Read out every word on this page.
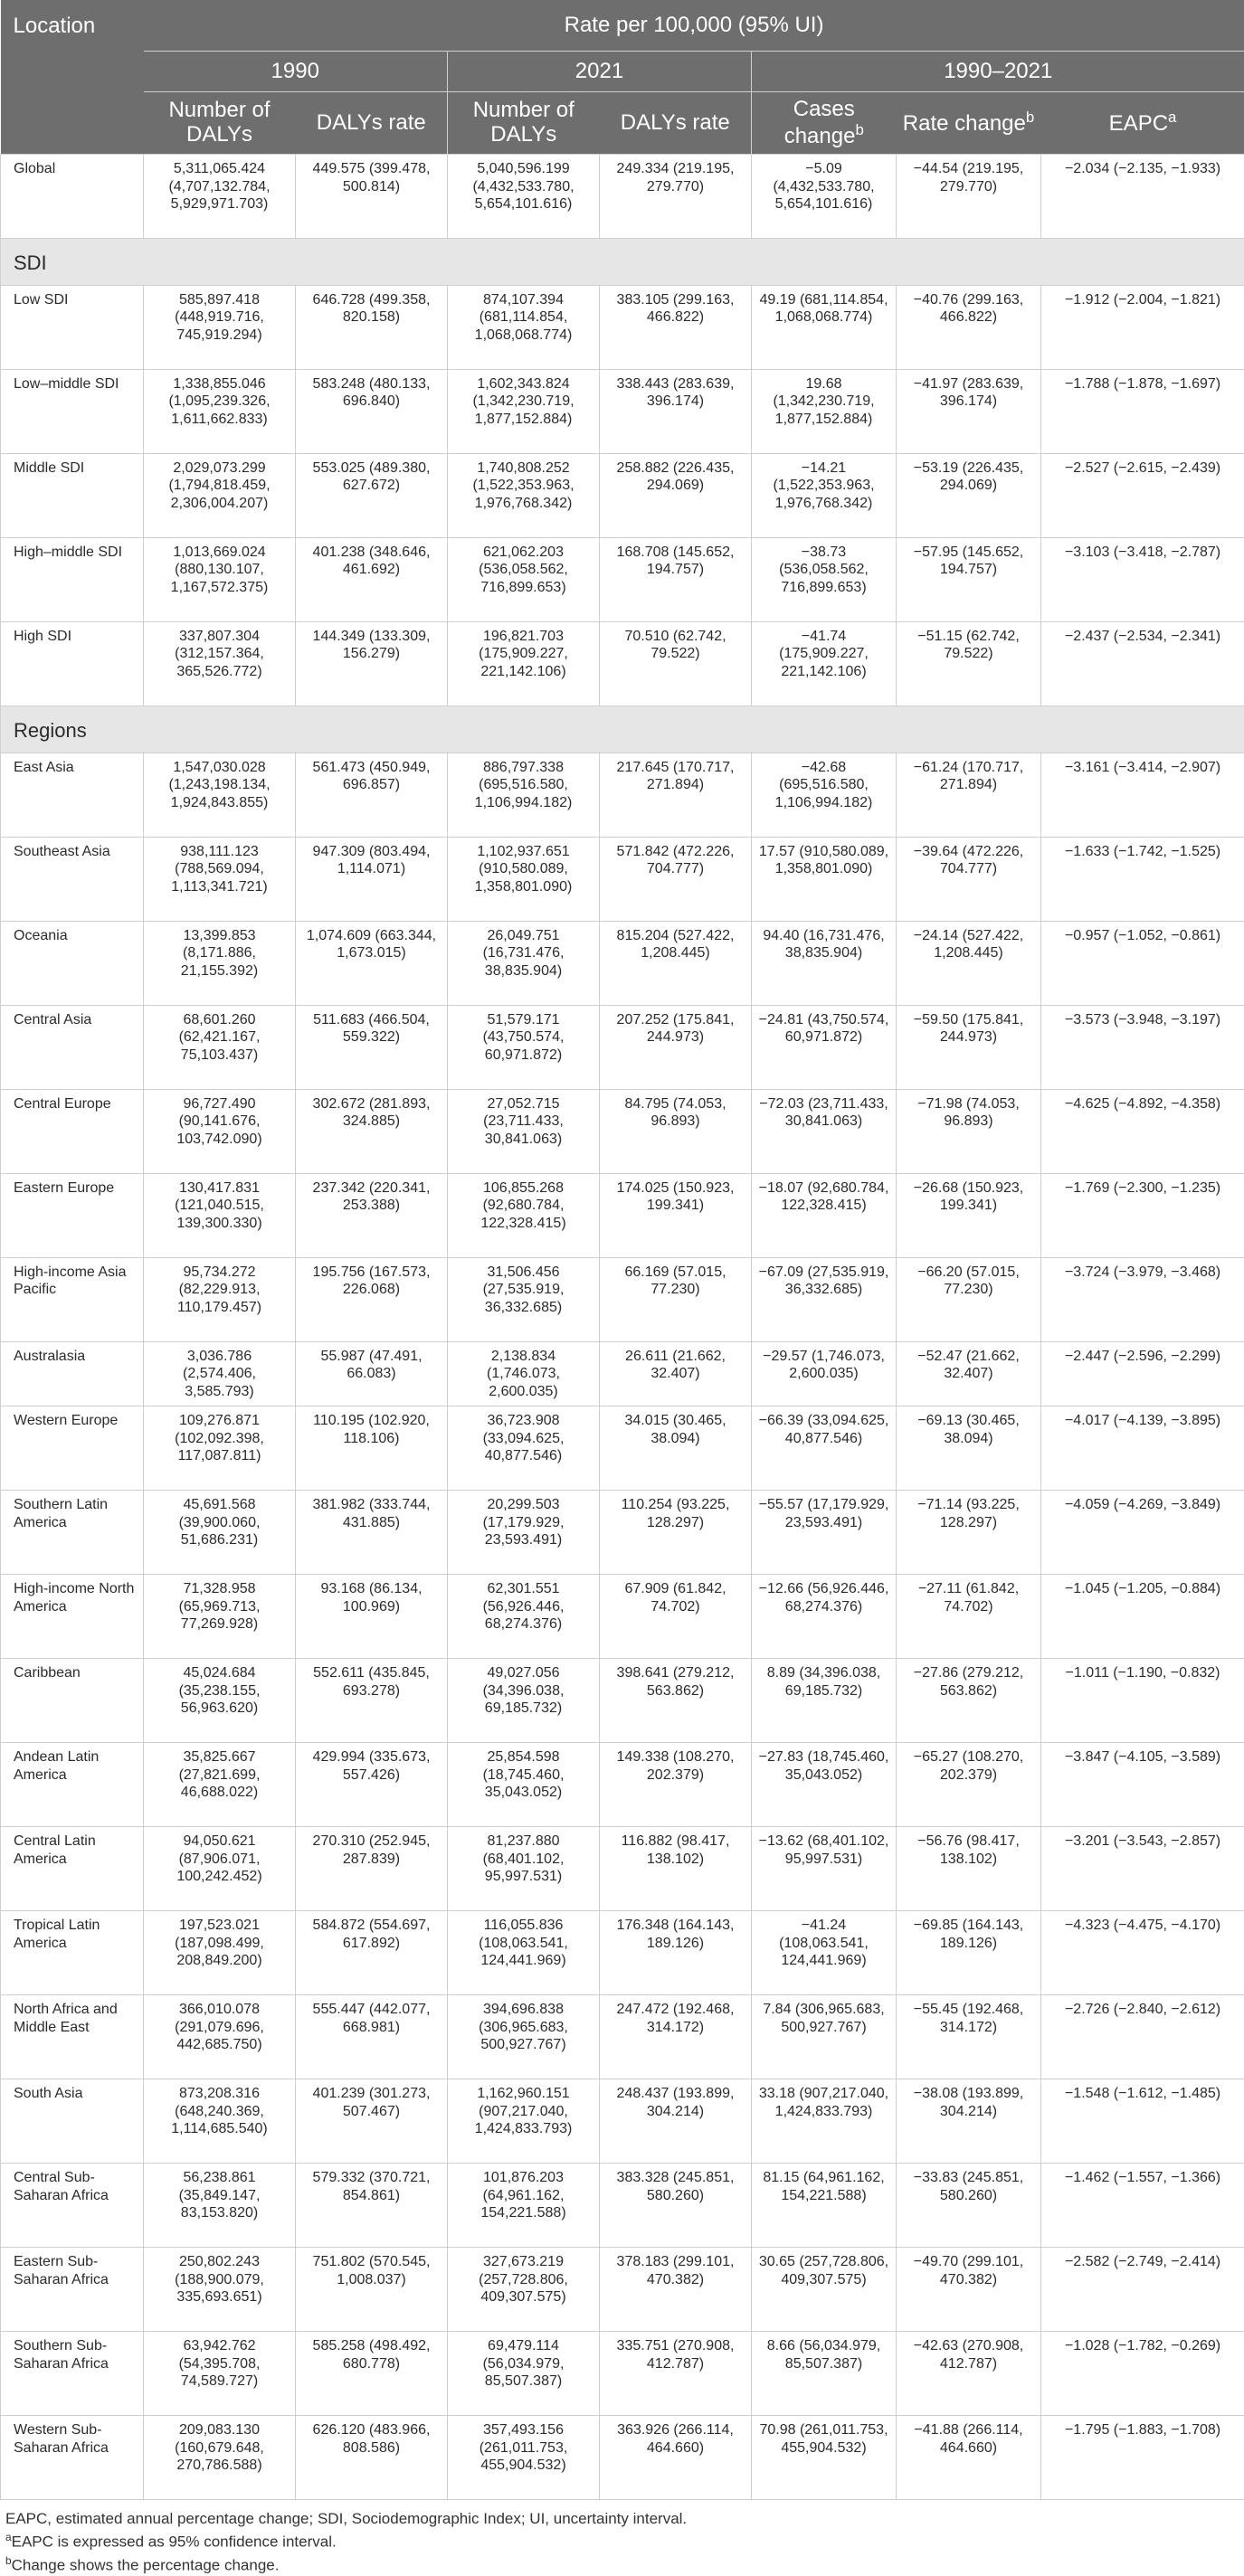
Location	Rate per 100,000 (95% UI)						
	1990		2021		1990–2021		
	Number of DALYs	DALYs rate	Number of DALYs	DALYs rate	Cases change$^b$	Rate change$^b$	EAPC$^a$
Global	5,311,065.424 (4,707,132.784, 5,929,971.703)	449.575 (399.478, 500.814)	5,040,596.199 (4,432,533.780, 5,654,101.616)	249.334 (219.195, 279.770)	−5.09 (4,432,533.780, 5,654,101.616)	−44.54 (219.195, 279.770)	−2.034 (−2.135, −1.933)
SDI							
Low SDI	585,897.418 (448,919.716, 745,919.294)	646.728 (499.358, 820.158)	874,107.394 (681,114.854, 1,068,068.774)	383.105 (299.163, 466.822)	49.19 (681,114.854, 1,068,068.774)	−40.76 (299.163, 466.822)	−1.912 (−2.004, −1.821)
Low–middle SDI	1,338,855.046 (1,095,239.326, 1,611,662.833)	583.248 (480.133, 696.840)	1,602,343.824 (1,342,230.719, 1,877,152.884)	338.443 (283.639, 396.174)	19.68 (1,342,230.719, 1,877,152.884)	−41.97 (283.639, 396.174)	−1.788 (−1.878, −1.697)
Middle SDI	2,029,073.299 (1,794,818.459, 2,306,004.207)	553.025 (489.380, 627.672)	1,740,808.252 (1,522,353.963, 1,976,768.342)	258.882 (226.435, 294.069)	−14.21 (1,522,353.963, 1,976,768.342)	−53.19 (226.435, 294.069)	−2.527 (−2.615, −2.439)
High–middle SDI	1,013,669.024 (880,130.107, 1,167,572.375)	401.238 (348.646, 461.692)	621,062.203 (536,058.562, 716,899.653)	168.708 (145.652, 194.757)	−38.73 (536,058.562, 716,899.653)	−57.95 (145.652, 194.757)	−3.103 (−3.418, −2.787)
High SDI	337,807.304 (312,157.364, 365,526.772)	144.349 (133.309, 156.279)	196,821.703 (175,909.227, 221,142.106)	70.510 (62.742, 79.522)	−41.74 (175,909.227, 221,142.106)	−51.15 (62.742, 79.522)	−2.437 (−2.534, −2.341)
Regions							
East Asia	1,547,030.028 (1,243,198.134, 1,924,843.855)	561.473 (450.949, 696.857)	886,797.338 (695,516.580, 1,106,994.182)	217.645 (170.717, 271.894)	−42.68 (695,516.580, 1,106,994.182)	−61.24 (170.717, 271.894)	−3.161 (−3.414, −2.907)
Southeast Asia	938,111.123 (788,569.094, 1,113,341.721)	947.309 (803.494, 1,114.071)	1,102,937.651 (910,580.089, 1,358,801.090)	571.842 (472.226, 704.777)	17.57 (910,580.089, 1,358,801.090)	−39.64 (472.226, 704.777)	−1.633 (−1.742, −1.525)
Oceania	13,399.853 (8,171.886, 21,155.392)	1,074.609 (663.344, 1,673.015)	26,049.751 (16,731.476, 38,835.904)	815.204 (527.422, 1,208.445)	94.40 (16,731.476, 38,835.904)	−24.14 (527.422, 1,208.445)	−0.957 (−1.052, −0.861)
Central Asia	68,601.260 (62,421.167, 75,103.437)	511.683 (466.504, 559.322)	51,579.171 (43,750.574, 60,971.872)	207.252 (175.841, 244.973)	−24.81 (43,750.574, 60,971.872)	−59.50 (175.841, 244.973)	−3.573 (−3.948, −3.197)
Central Europe	96,727.490 (90,141.676, 103,742.090)	302.672 (281.893, 324.885)	27,052.715 (23,711.433, 30,841.063)	84.795 (74.053, 96.893)	−72.03 (23,711.433, 30,841.063)	−71.98 (74.053, 96.893)	−4.625 (−4.892, −4.358)
Eastern Europe	130,417.831 (121,040.515, 139,300.330)	237.342 (220.341, 253.388)	106,855.268 (92,680.784, 122,328.415)	174.025 (150.923, 199.341)	−18.07 (92,680.784, 122,328.415)	−26.68 (150.923, 199.341)	−1.769 (−2.300, −1.235)
High-income Asia Pacific	95,734.272 (82,229.913, 110,179.457)	195.756 (167.573, 226.068)	31,506.456 (27,535.919, 36,332.685)	66.169 (57.015, 77.230)	−67.09 (27,535.919, 36,332.685)	−66.20 (57.015, 77.230)	−3.724 (−3.979, −3.468)
Australasia	3,036.786 (2,574.406, 3,585.793)	55.987 (47.491, 66.083)	2,138.834 (1,746.073, 2,600.035)	26.611 (21.662, 32.407)	−29.57 (1,746.073, 2,600.035)	−52.47 (21.662, 32.407)	−2.447 (−2.596, −2.299)
Western Europe	109,276.871 (102,092.398, 117,087.811)	110.195 (102.920, 118.106)	36,723.908 (33,094.625, 40,877.546)	34.015 (30.465, 38.094)	−66.39 (33,094.625, 40,877.546)	−69.13 (30.465, 38.094)	−4.017 (−4.139, −3.895)
Southern Latin America	45,691.568 (39,900.060, 51,686.231)	381.982 (333.744, 431.885)	20,299.503 (17,179.929, 23,593.491)	110.254 (93.225, 128.297)	−55.57 (17,179.929, 23,593.491)	−71.14 (93.225, 128.297)	−4.059 (−4.269, −3.849)
High-income North America	71,328.958 (65,969.713, 77,269.928)	93.168 (86.134, 100.969)	62,301.551 (56,926.446, 68,274.376)	67.909 (61.842, 74.702)	−12.66 (56,926.446, 68,274.376)	−27.11 (61.842, 74.702)	−1.045 (−1.205, −0.884)
Caribbean	45,024.684 (35,238.155, 56,963.620)	552.611 (435.845, 693.278)	49,027.056 (34,396.038, 69,185.732)	398.641 (279.212, 563.862)	8.89 (34,396.038, 69,185.732)	−27.86 (279.212, 563.862)	−1.011 (−1.190, −0.832)
Andean Latin America	35,825.667 (27,821.699, 46,688.022)	429.994 (335.673, 557.426)	25,854.598 (18,745.460, 35,043.052)	149.338 (108.270, 202.379)	−27.83 (18,745.460, 35,043.052)	−65.27 (108.270, 202.379)	−3.847 (−4.105, −3.589)
Central Latin America	94,050.621 (87,906.071, 100,242.452)	270.310 (252.945, 287.839)	81,237.880 (68,401.102, 95,997.531)	116.882 (98.417, 138.102)	−13.62 (68,401.102, 95,997.531)	−56.76 (98.417, 138.102)	−3.201 (−3.543, −2.857)
Tropical Latin America	197,523.021 (187,098.499, 208,849.200)	584.872 (554.697, 617.892)	116,055.836 (108,063.541, 124,441.969)	176.348 (164.143, 189.126)	−41.24 (108,063.541, 124,441.969)	−69.85 (164.143, 189.126)	−4.323 (−4.475, −4.170)
North Africa and Middle East	366,010.078 (291,079.696, 442,685.750)	555.447 (442.077, 668.981)	394,696.838 (306,965.683, 500,927.767)	247.472 (192.468, 314.172)	7.84 (306,965.683, 500,927.767)	−55.45 (192.468, 314.172)	−2.726 (−2.840, −2.612)
South Asia	873,208.316 (648,240.369, 1,114,685.540)	401.239 (301.273, 507.467)	1,162,960.151 (907,217.040, 1,424,833.793)	248.437 (193.899, 304.214)	33.18 (907,217.040, 1,424,833.793)	−38.08 (193.899, 304.214)	−1.548 (−1.612, −1.485)
Central Sub-Saharan Africa	56,238.861 (35,849.147, 83,153.820)	579.332 (370.721, 854.861)	101,876.203 (64,961.162, 154,221.588)	383.328 (245.851, 580.260)	81.15 (64,961.162, 154,221.588)	−33.83 (245.851, 580.260)	−1.462 (−1.557, −1.366)
Eastern Sub-Saharan Africa	250,802.243 (188,900.079, 335,693.651)	751.802 (570.545, 1,008.037)	327,673.219 (257,728.806, 409,307.575)	378.183 (299.101, 470.382)	30.65 (257,728.806, 409,307.575)	−49.70 (299.101, 470.382)	−2.582 (−2.749, −2.414)
Southern Sub-Saharan Africa	63,942.762 (54,395.708, 74,589.727)	585.258 (498.492, 680.778)	69,479.114 (56,034.979, 85,507.387)	335.751 (270.908, 412.787)	8.66 (56,034.979, 85,507.387)	−42.63 (270.908, 412.787)	−1.028 (−1.782, −0.269)
Western Sub-Saharan Africa	209,083.130 (160,679.648, 270,786.588)	626.120 (483.966, 808.586)	357,493.156 (261,011.753, 455,904.532)	363.926 (266.114, 464.660)	70.98 (261,011.753, 455,904.532)	−41.88 (266.114, 464.660)	−1.795 (−1.883, −1.708)
EAPC, estimated annual percentage change; SDI, Sociodemographic Index; UI, uncertainty interval.
$^a$EAPC is expressed as 95% confidence interval.
$^b$Change shows the percentage change.
